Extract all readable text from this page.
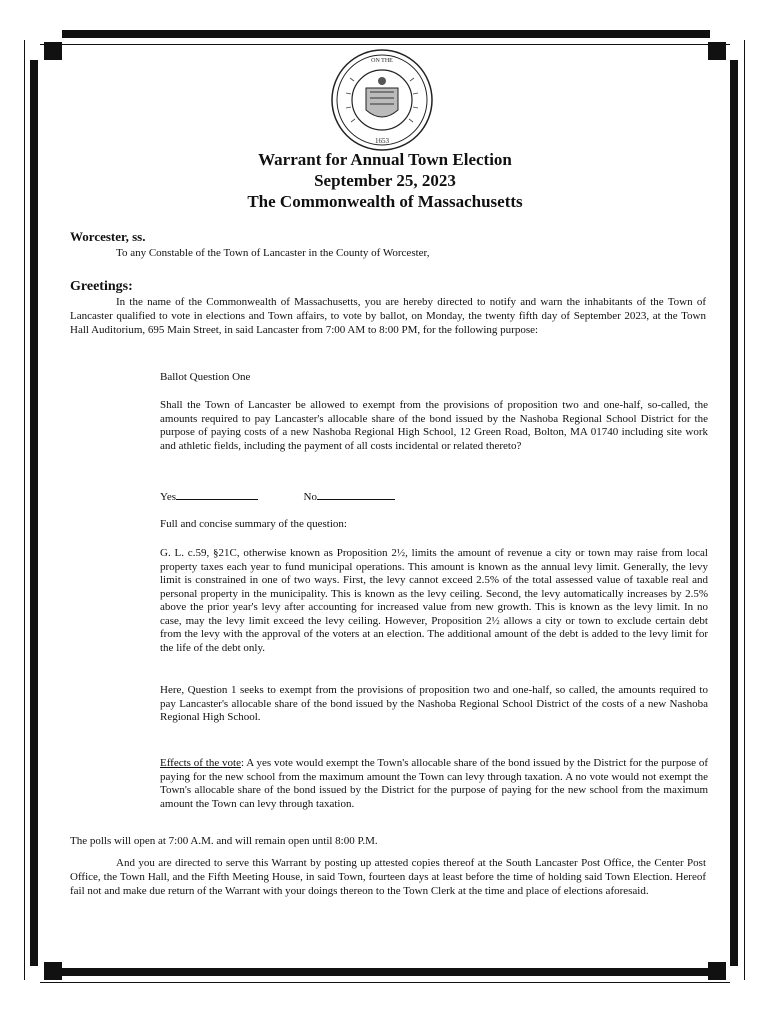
ON THE
1653
Warrant for Annual Town Election
September 25, 2023
The Commonwealth of Massachusetts
Worcester, ss.
To any Constable of the Town of Lancaster in the County of Worcester,
Greetings:
In the name of the Commonwealth of Massachusetts, you are hereby directed to notify and warn the inhabitants of the Town of Lancaster qualified to vote in elections and Town affairs, to vote by ballot, on Monday, the twenty fifth day of September 2023, at the Town Hall Auditorium, 695 Main Street, in said Lancaster from 7:00 AM to 8:00 PM, for the following purpose:
Ballot Question One
Shall the Town of Lancaster be allowed to exempt from the provisions of proposition two and one-half, so-called, the amounts required to pay Lancaster's allocable share of the bond issued by the Nashoba Regional School District for the purpose of paying costs of a new Nashoba Regional High School, 12 Green Road, Bolton, MA 01740 including site work and athletic fields, including the payment of all costs incidental or related thereto?
Yes	No
Full and concise summary of the question:
G. L. c.59, §21C, otherwise known as Proposition 2½, limits the amount of revenue a city or town may raise from local property taxes each year to fund municipal operations. This amount is known as the annual levy limit. Generally, the levy limit is constrained in one of two ways. First, the levy cannot exceed 2.5% of the total assessed value of taxable real and personal property in the municipality. This is known as the levy ceiling. Second, the levy automatically increases by 2.5% above the prior year's levy after accounting for increased value from new growth. This is known as the levy limit. In no case, may the levy limit exceed the levy ceiling. However, Proposition 2½ allows a city or town to exclude certain debt from the levy with the approval of the voters at an election. The additional amount of the debt is added to the levy limit for the life of the debt only.
Here, Question 1 seeks to exempt from the provisions of proposition two and one-half, so called, the amounts required to pay Lancaster's allocable share of the bond issued by the Nashoba Regional School District of the costs of a new Nashoba Regional High School.
Effects of the vote: A yes vote would exempt the Town's allocable share of the bond issued by the District for the purpose of paying for the new school from the maximum amount the Town can levy through taxation. A no vote would not exempt the Town's allocable share of the bond issued by the District for the purpose of paying for the new school from the maximum amount the Town can levy through taxation.
The polls will open at 7:00 A.M. and will remain open until 8:00 P.M.
And you are directed to serve this Warrant by posting up attested copies thereof at the South Lancaster Post Office, the Center Post Office, the Town Hall, and the Fifth Meeting House, in said Town, fourteen days at least before the time of holding said Town Election. Hereof fail not and make due return of the Warrant with your doings thereon to the Town Clerk at the time and place of elections aforesaid.
